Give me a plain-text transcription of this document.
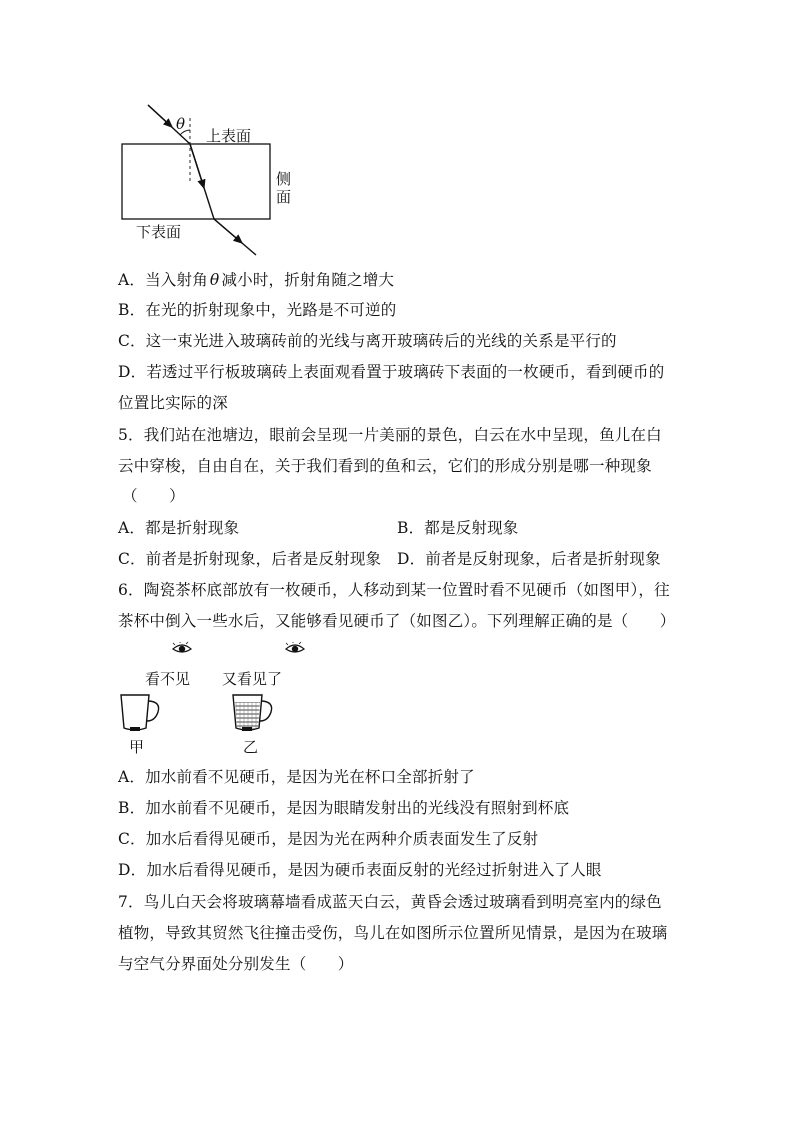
θ
上表面
侧
面
下表面
A．当入射角 θ 减小时，折射角随之增大
B．在光的折射现象中，光路是不可逆的
C．这一束光进入玻璃砖前的光线与离开玻璃砖后的光线的关系是平行的
D．若透过平行板玻璃砖上表面观看置于玻璃砖下表面的一枚硬币，看到硬币的
位置比实际的深
5．我们站在池塘边，眼前会呈现一片美丽的景色，白云在水中呈现，鱼儿在白
云中穿梭，自由自在，关于我们看到的鱼和云，它们的形成分别是哪一种现象
（　　）
A．都是折射现象	B．都是反射现象
C．前者是折射现象，后者是反射现象 D．前者是反射现象，后者是折射现象
6．陶瓷茶杯底部放有一枚硬币，人移动到某一位置时看不见硬币（如图甲），往
茶杯中倒入一些水后，又能够看见硬币了（如图乙）。下列理解正确的是（　　）
看不见 又看见了
甲	乙
A．加水前看不见硬币，是因为光在杯口全部折射了
B．加水前看不见硬币，是因为眼睛发射出的光线没有照射到杯底
C．加水后看得见硬币，是因为光在两种介质表面发生了反射
D．加水后看得见硬币，是因为硬币表面反射的光经过折射进入了人眼
7．鸟儿白天会将玻璃幕墙看成蓝天白云，黄昏会透过玻璃看到明亮室内的绿色
植物，导致其贸然飞往撞击受伤，鸟儿在如图所示位置所见情景，是因为在玻璃
与空气分界面处分别发生（　　）
